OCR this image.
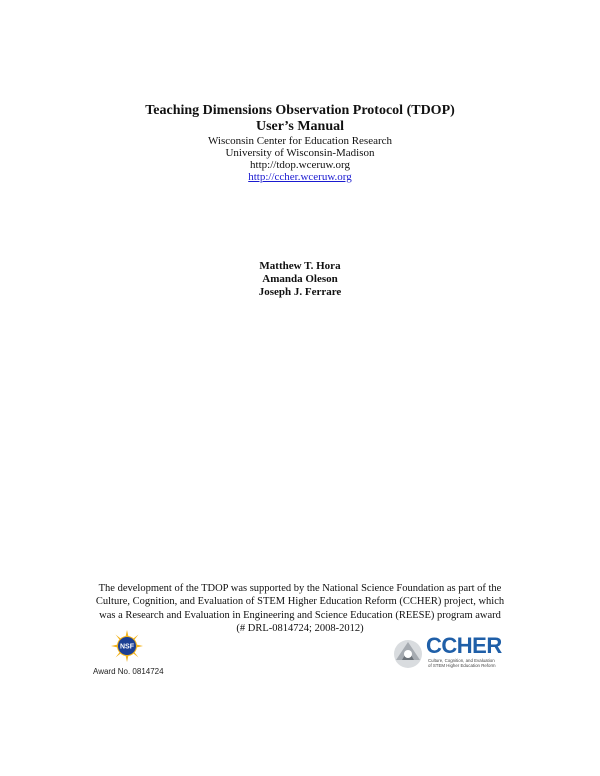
Teaching Dimensions Observation Protocol (TDOP)
User’s Manual
Wisconsin Center for Education Research
University of Wisconsin-Madison
http://tdop.wceruw.org
http://ccher.wceruw.org
Matthew T. Hora
Amanda Oleson
Joseph J. Ferrare
The development of the TDOP was supported by the National Science Foundation as part of the
Culture, Cognition, and Evaluation of STEM Higher Education Reform (CCHER) project, which
was a Research and Evaluation in Engineering and Science Education (REESE) program award
(# DRL-0814724; 2008-2012)
NSF
Award No. 0814724
CCHER
Culture, Cognition, and Evaluation
of STEM Higher Education Reform
